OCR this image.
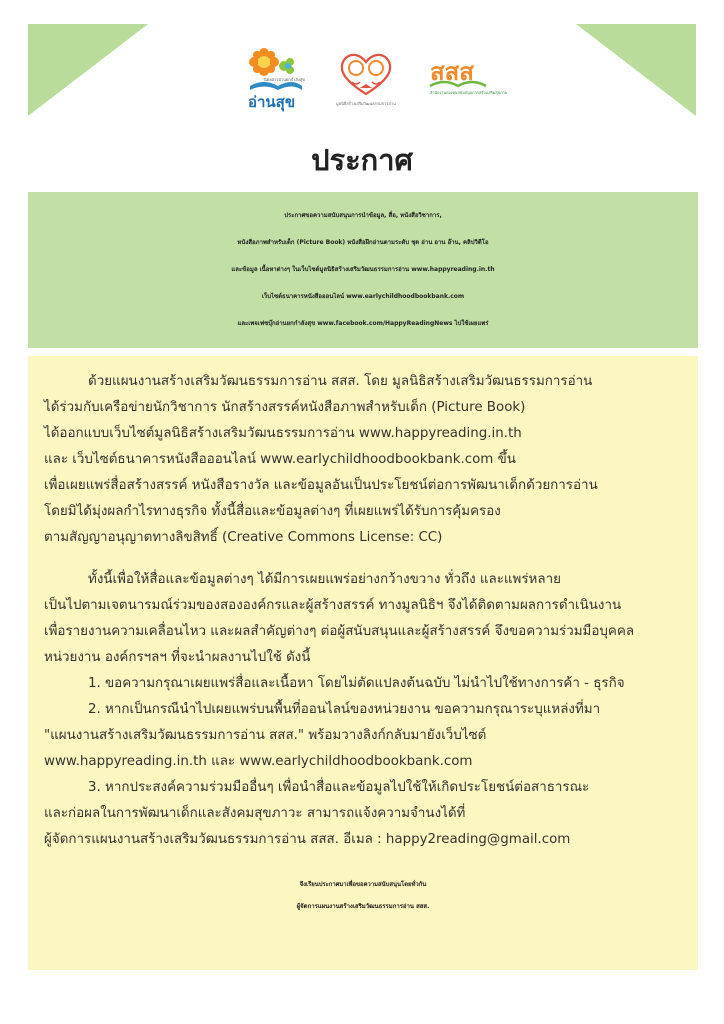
นิตยสารอ่านยกกำลังสุข
อ่านสุข	มูลนิธิสร้างเสริมวัฒนธรรมการอ่าน
สสส
สำนักงานกองทุนสนับสนุนการสร้างเสริมสุขภาพ
ประกาศ
ประกาศขอความสนับสนุนการนำข้อมูล, สื่อ, หนังสือวิชาการ,
หนังสือภาพสำหรับเด็ก (Picture Book) หนังสือฝึกอ่านตามระดับ ชุด อ่าน อาน อ๊าน, คลิปวิดีโอ
และข้อมูล เนื้อหาต่างๆ ในเว็บไซต์มูลนิธิสร้างเสริมวัฒนธรรมการอ่าน www.happyreading.in.th
เว็บไซต์ธนาคารหนังสือออนไลน์ www.earlychildhoodbookbank.com
และเพจเฟซบุ๊กอ่านยกกำลังสุข www.facebook.com/HappyReadingNews ไปใช้เผยแพร่
ด้วยแผนงานสร้างเสริมวัฒนธรรมการอ่าน สสส. โดย มูลนิธิสร้างเสริมวัฒนธรรมการอ่าน
ได้ร่วมกับเครือข่ายนักวิชาการ นักสร้างสรรค์หนังสือภาพสำหรับเด็ก (Picture Book)
ได้ออกแบบเว็บไซต์มูลนิธิสร้างเสริมวัฒนธรรมการอ่าน www.happyreading.in.th
และ เว็บไซต์ธนาคารหนังสือออนไลน์ www.earlychildhoodbookbank.com ขึ้น
เพื่อเผยแพร่สื่อสร้างสรรค์ หนังสือรางวัล และข้อมูลอันเป็นประโยชน์ต่อการพัฒนาเด็กด้วยการอ่าน
โดยมิได้มุ่งผลกำไรทางธุรกิจ ทั้งนี้สื่อและข้อมูลต่างๆ ที่เผยแพร่ได้รับการคุ้มครอง
ตามสัญญาอนุญาตทางลิขสิทธิ์ (Creative Commons License: CC)
ทั้งนี้เพื่อให้สื่อและข้อมูลต่างๆ ได้มีการเผยแพร่อย่างกว้างขวาง ทั่วถึง และแพร่หลาย
เป็นไปตามเจตนารมณ์ร่วมของสององค์กรและผู้สร้างสรรค์ ทางมูลนิธิฯ จึงได้ติดตามผลการดำเนินงาน
เพื่อรายงานความเคลื่อนไหว และผลสำคัญต่างๆ ต่อผู้สนับสนุนและผู้สร้างสรรค์ จึงขอความร่วมมือบุคคล
หน่วยงาน องค์กรฯลฯ ที่จะนำผลงานไปใช้ ดังนี้
1. ขอความกรุณาเผยแพร่สื่อและเนื้อหา โดยไม่ตัดแปลงต้นฉบับ ไม่นำไปใช้ทางการค้า - ธุรกิจ
2. หากเป็นกรณีนำไปเผยแพร่บนพื้นที่ออนไลน์ของหน่วยงาน ขอความกรุณาระบุแหล่งที่มา
"แผนงานสร้างเสริมวัฒนธรรมการอ่าน สสส." พร้อมวางลิงก์กลับมายังเว็บไซต์
www.happyreading.in.th และ www.earlychildhoodbookbank.com
3. หากประสงค์ความร่วมมืออื่นๆ เพื่อนำสื่อและข้อมูลไปใช้ให้เกิดประโยชน์ต่อสาธารณะ
และก่อผลในการพัฒนาเด็กและสังคมสุขภาวะ สามารถแจ้งความจำนงได้ที่
ผู้จัดการแผนงานสร้างเสริมวัฒนธรรมการอ่าน สสส. อีเมล : happy2reading@gmail.com
จึงเรียนประกาศมาเพื่อขอความสนับสนุนโดยทั่วกัน
ผู้จัดการแผนงานสร้างเสริมวัฒนธรรมการอ่าน สสส.
